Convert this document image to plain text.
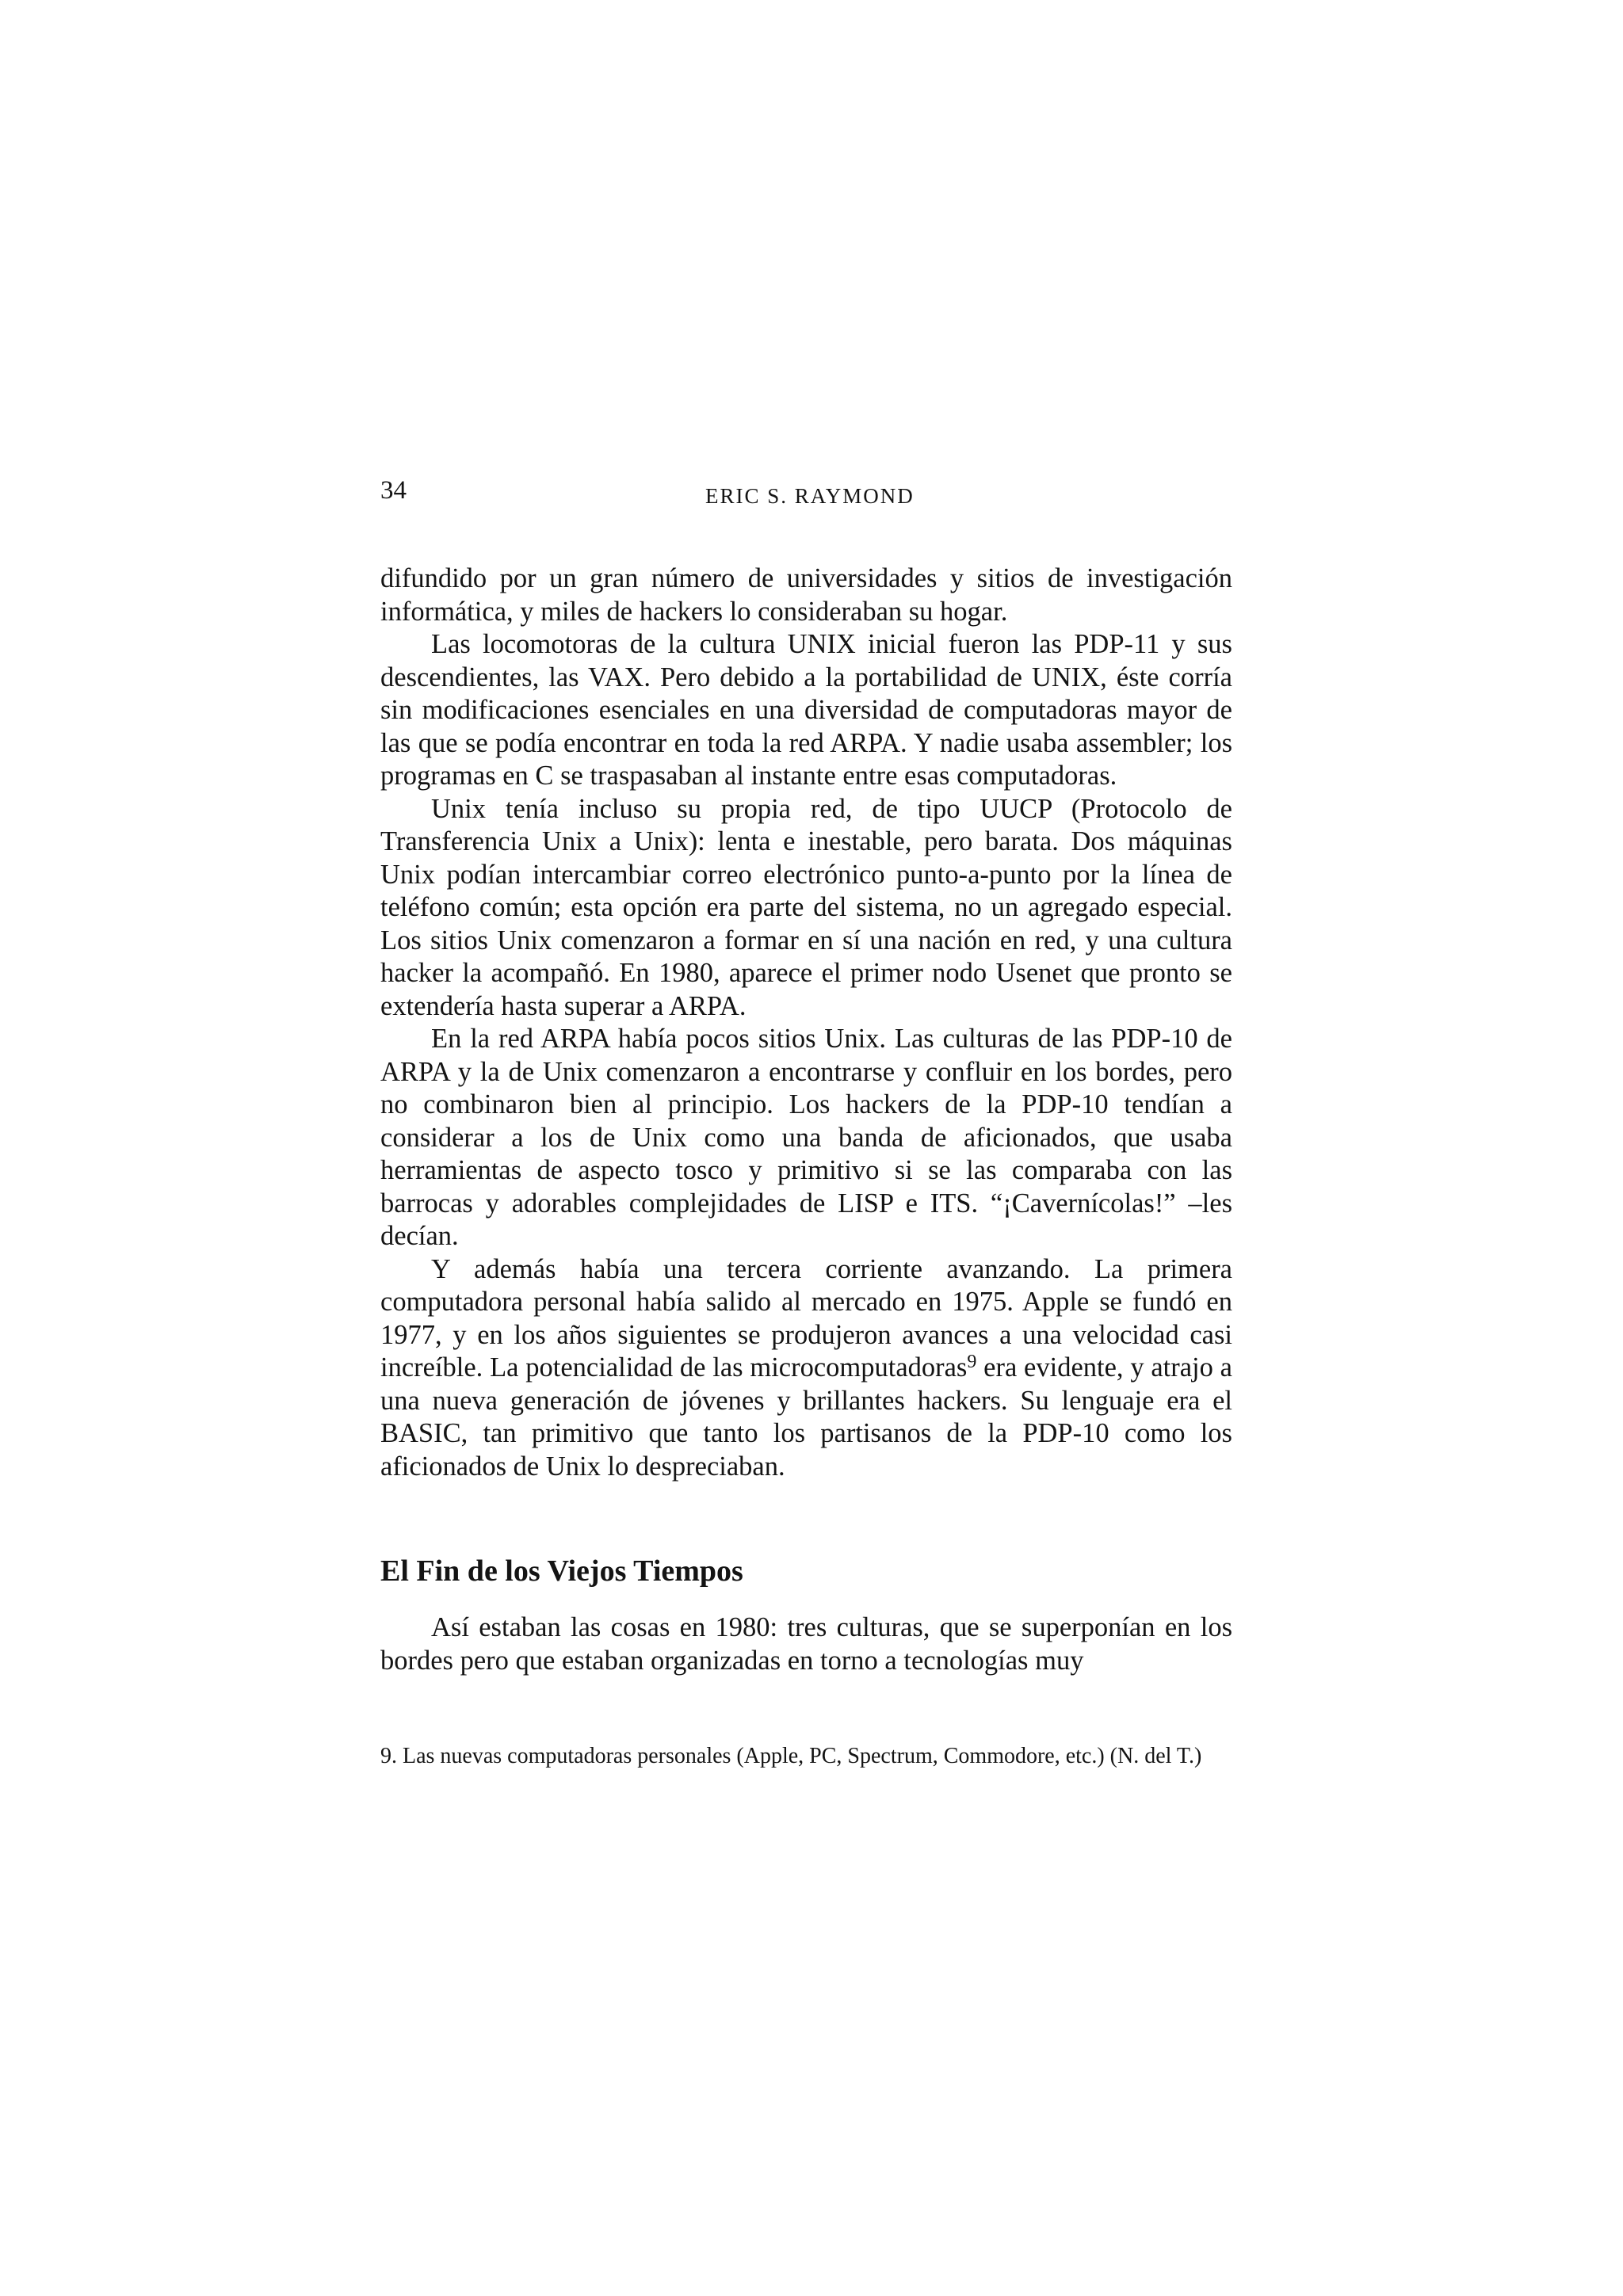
34	ERIC S. RAYMOND

difundido por un gran número de universidades y sitios de investigación informática, y miles de hackers lo consideraban su hogar.

Las locomotoras de la cultura UNIX inicial fueron las PDP-11 y sus descendientes, las VAX. Pero debido a la portabilidad de UNIX, éste corría sin modificaciones esenciales en una diversidad de computadoras mayor de las que se podía encontrar en toda la red ARPA. Y nadie usaba assembler; los programas en C se traspasaban al instante entre esas computadoras.

Unix tenía incluso su propia red, de tipo UUCP (Protocolo de Transferencia Unix a Unix): lenta e inestable, pero barata. Dos máquinas Unix podían intercambiar correo electrónico punto-a-punto por la línea de teléfono común; esta opción era parte del sistema, no un agregado especial. Los sitios Unix comenzaron a formar en sí una nación en red, y una cultura hacker la acompañó. En 1980, aparece el primer nodo Usenet que pronto se extendería hasta superar a ARPA.

En la red ARPA había pocos sitios Unix. Las culturas de las PDP-10 de ARPA y la de Unix comenzaron a encontrarse y confluir en los bordes, pero no combinaron bien al principio. Los hackers de la PDP-10 tendían a considerar a los de Unix como una banda de aficionados, que usaba herramientas de aspecto tosco y primitivo si se las comparaba con las barrocas y adorables complejidades de LISP e ITS. “¡Cavernícolas!” –les decían.

Y además había una tercera corriente avanzando. La primera computadora personal había salido al mercado en 1975. Apple se fundó en 1977, y en los años siguientes se produjeron avances a una velocidad casi increíble. La potencialidad de las microcomputadoras$^9$ era evidente, y atrajo a una nueva generación de jóvenes y brillantes hackers. Su lenguaje era el BASIC, tan primitivo que tanto los partisanos de la PDP-10 como los aficionados de Unix lo despreciaban.

El Fin de los Viejos Tiempos

Así estaban las cosas en 1980: tres culturas, que se superponían en los bordes pero que estaban organizadas en torno a tecnologías muy

9. Las nuevas computadoras personales (Apple, PC, Spectrum, Commodore, etc.) (N. del T.)
